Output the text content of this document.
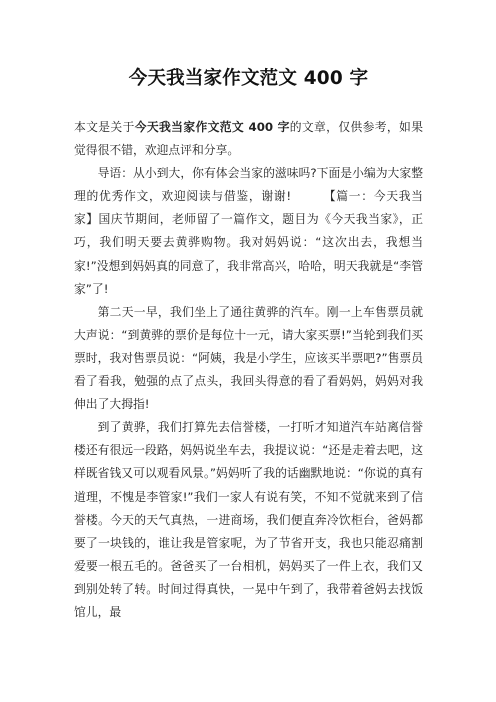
今天我当家作文范文 400 字

本文是关于今天我当家作文范文 400 字的文章，仅供参考，如果觉得很不错，欢迎点评和分享。

导语：从小到大，你有体会当家的滋味吗?下面是小编为大家整理的优秀作文，欢迎阅读与借鉴，谢谢!	【篇一：今天我当家】国庆节期间，老师留了一篇作文，题目为《今天我当家》，正巧，我们明天要去黄骅购物。我对妈妈说：“这次出去，我想当家!”没想到妈妈真的同意了，我非常高兴，哈哈，明天我就是“李管家”了!

第二天一早，我们坐上了通往黄骅的汽车。刚一上车售票员就大声说：“到黄骅的票价是每位十一元，请大家买票!”当轮到我们买票时，我对售票员说：“阿姨，我是小学生，应该买半票吧?”售票员看了看我，勉强的点了点头，我回头得意的看了看妈妈，妈妈对我伸出了大拇指!

到了黄骅，我们打算先去信誉楼，一打听才知道汽车站离信誉楼还有很远一段路，妈妈说坐车去，我提议说：“还是走着去吧，这样既省钱又可以观看风景。”妈妈听了我的话幽默地说：“你说的真有道理，不愧是李管家!”我们一家人有说有笑，不知不觉就来到了信誉楼。今天的天气真热，一进商场，我们便直奔冷饮柜台，爸妈都要了一块钱的，谁让我是管家呢，为了节省开支，我也只能忍痛割爱要一根五毛的。爸爸买了一台相机，妈妈买了一件上衣，我们又到别处转了转。时间过得真快，一晃中午到了，我带着爸妈去找饭馆儿，最
